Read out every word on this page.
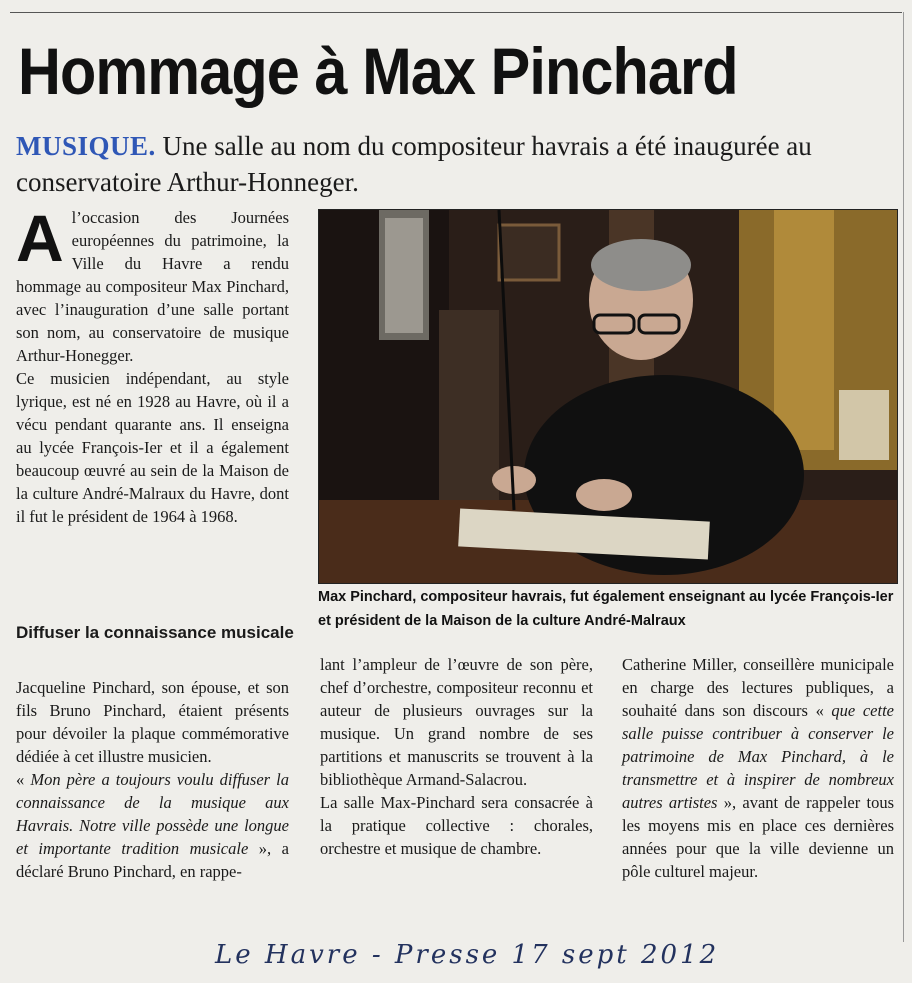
Hommage à Max Pinchard

MUSIQUE. Une salle au nom du compositeur havrais a été inaugurée au conservatoire Arthur-Honneger.

A l’occasion des Journées européennes du patrimoine, la Ville du Havre a rendu hommage au compositeur Max Pinchard, avec l’inauguration d’une salle portant son nom, au conservatoire de musique Arthur-Honegger.

Ce musicien indépendant, au style lyrique, est né en 1928 au Havre, où il a vécu pendant quarante ans. Il enseigna au lycée François-Ier et il a également beaucoup œuvré au sein de la Maison de la culture André-Malraux du Havre, dont il fut le président de 1964 à 1968.

Diffuser la connaissance musicale

Jacqueline Pinchard, son épouse, et son fils Bruno Pinchard, étaient présents pour dévoiler la plaque commémorative dédiée à cet illustre musicien.
« Mon père a toujours voulu diffuser la connaissance de la musique aux Havrais. Notre ville possède une longue et importante tradition musicale », a déclaré Bruno Pinchard, en rappe-

Max Pinchard, compositeur havrais, fut également enseignant au lycée François-Ier et président de la Maison de la culture André-Malraux

lant l’ampleur de l’œuvre de son père, chef d’orchestre, compositeur reconnu et auteur de plusieurs ouvrages sur la musique. Un grand nombre de ses partitions et manuscrits se trouvent à la bibliothèque Armand-Salacrou.

La salle Max-Pinchard sera consacrée à la pratique collective : chorales, orchestre et musique de chambre.

Catherine Miller, conseillère municipale en charge des lectures publiques, a souhaité dans son discours « que cette salle puisse contribuer à conserver le patrimoine de Max Pinchard, à le transmettre et à inspirer de nombreux autres artistes », avant de rappeler tous les moyens mis en place ces dernières années pour que la ville devienne un pôle culturel majeur.

Le Havre - Presse 17 sept 2012
